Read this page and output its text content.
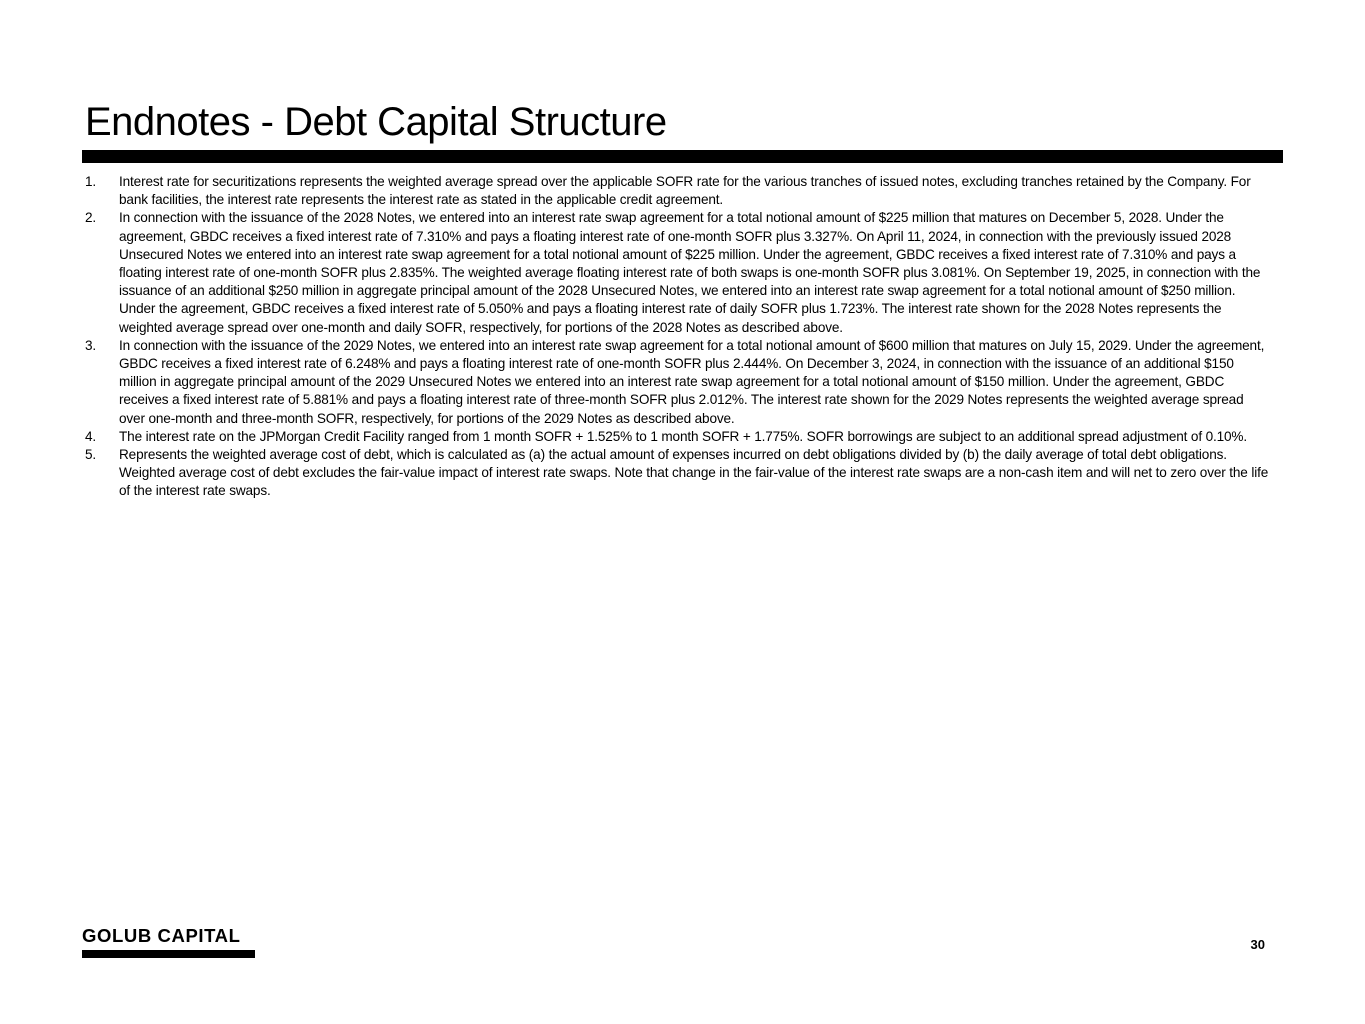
Endnotes - Debt Capital Structure
1. Interest rate for securitizations represents the weighted average spread over the applicable SOFR rate for the various tranches of issued notes, excluding tranches retained by the Company. For bank facilities, the interest rate represents the interest rate as stated in the applicable credit agreement.
2. In connection with the issuance of the 2028 Notes, we entered into an interest rate swap agreement for a total notional amount of $225 million that matures on December 5, 2028. Under the agreement, GBDC receives a fixed interest rate of 7.310% and pays a floating interest rate of one-month SOFR plus 3.327%. On April 11, 2024, in connection with the previously issued 2028 Unsecured Notes we entered into an interest rate swap agreement for a total notional amount of $225 million. Under the agreement, GBDC receives a fixed interest rate of 7.310% and pays a floating interest rate of one-month SOFR plus 2.835%. The weighted average floating interest rate of both swaps is one-month SOFR plus 3.081%. On September 19, 2025, in connection with the issuance of an additional $250 million in aggregate principal amount of the 2028 Unsecured Notes, we entered into an interest rate swap agreement for a total notional amount of $250 million. Under the agreement, GBDC receives a fixed interest rate of 5.050% and pays a floating interest rate of daily SOFR plus 1.723%. The interest rate shown for the 2028 Notes represents the weighted average spread over one-month and daily SOFR, respectively, for portions of the 2028 Notes as described above.
3. In connection with the issuance of the 2029 Notes, we entered into an interest rate swap agreement for a total notional amount of $600 million that matures on July 15, 2029. Under the agreement, GBDC receives a fixed interest rate of 6.248% and pays a floating interest rate of one-month SOFR plus 2.444%. On December 3, 2024, in connection with the issuance of an additional $150 million in aggregate principal amount of the 2029 Unsecured Notes we entered into an interest rate swap agreement for a total notional amount of $150 million. Under the agreement, GBDC receives a fixed interest rate of 5.881% and pays a floating interest rate of three-month SOFR plus 2.012%. The interest rate shown for the 2029 Notes represents the weighted average spread over one-month and three-month SOFR, respectively, for portions of the 2029 Notes as described above.
4. The interest rate on the JPMorgan Credit Facility ranged from 1 month SOFR + 1.525% to 1 month SOFR + 1.775%. SOFR borrowings are subject to an additional spread adjustment of 0.10%.
5. Represents the weighted average cost of debt, which is calculated as (a) the actual amount of expenses incurred on debt obligations divided by (b) the daily average of total debt obligations. Weighted average cost of debt excludes the fair-value impact of interest rate swaps. Note that change in the fair-value of the interest rate swaps are a non-cash item and will net to zero over the life of the interest rate swaps.
GOLUB CAPITAL	30
